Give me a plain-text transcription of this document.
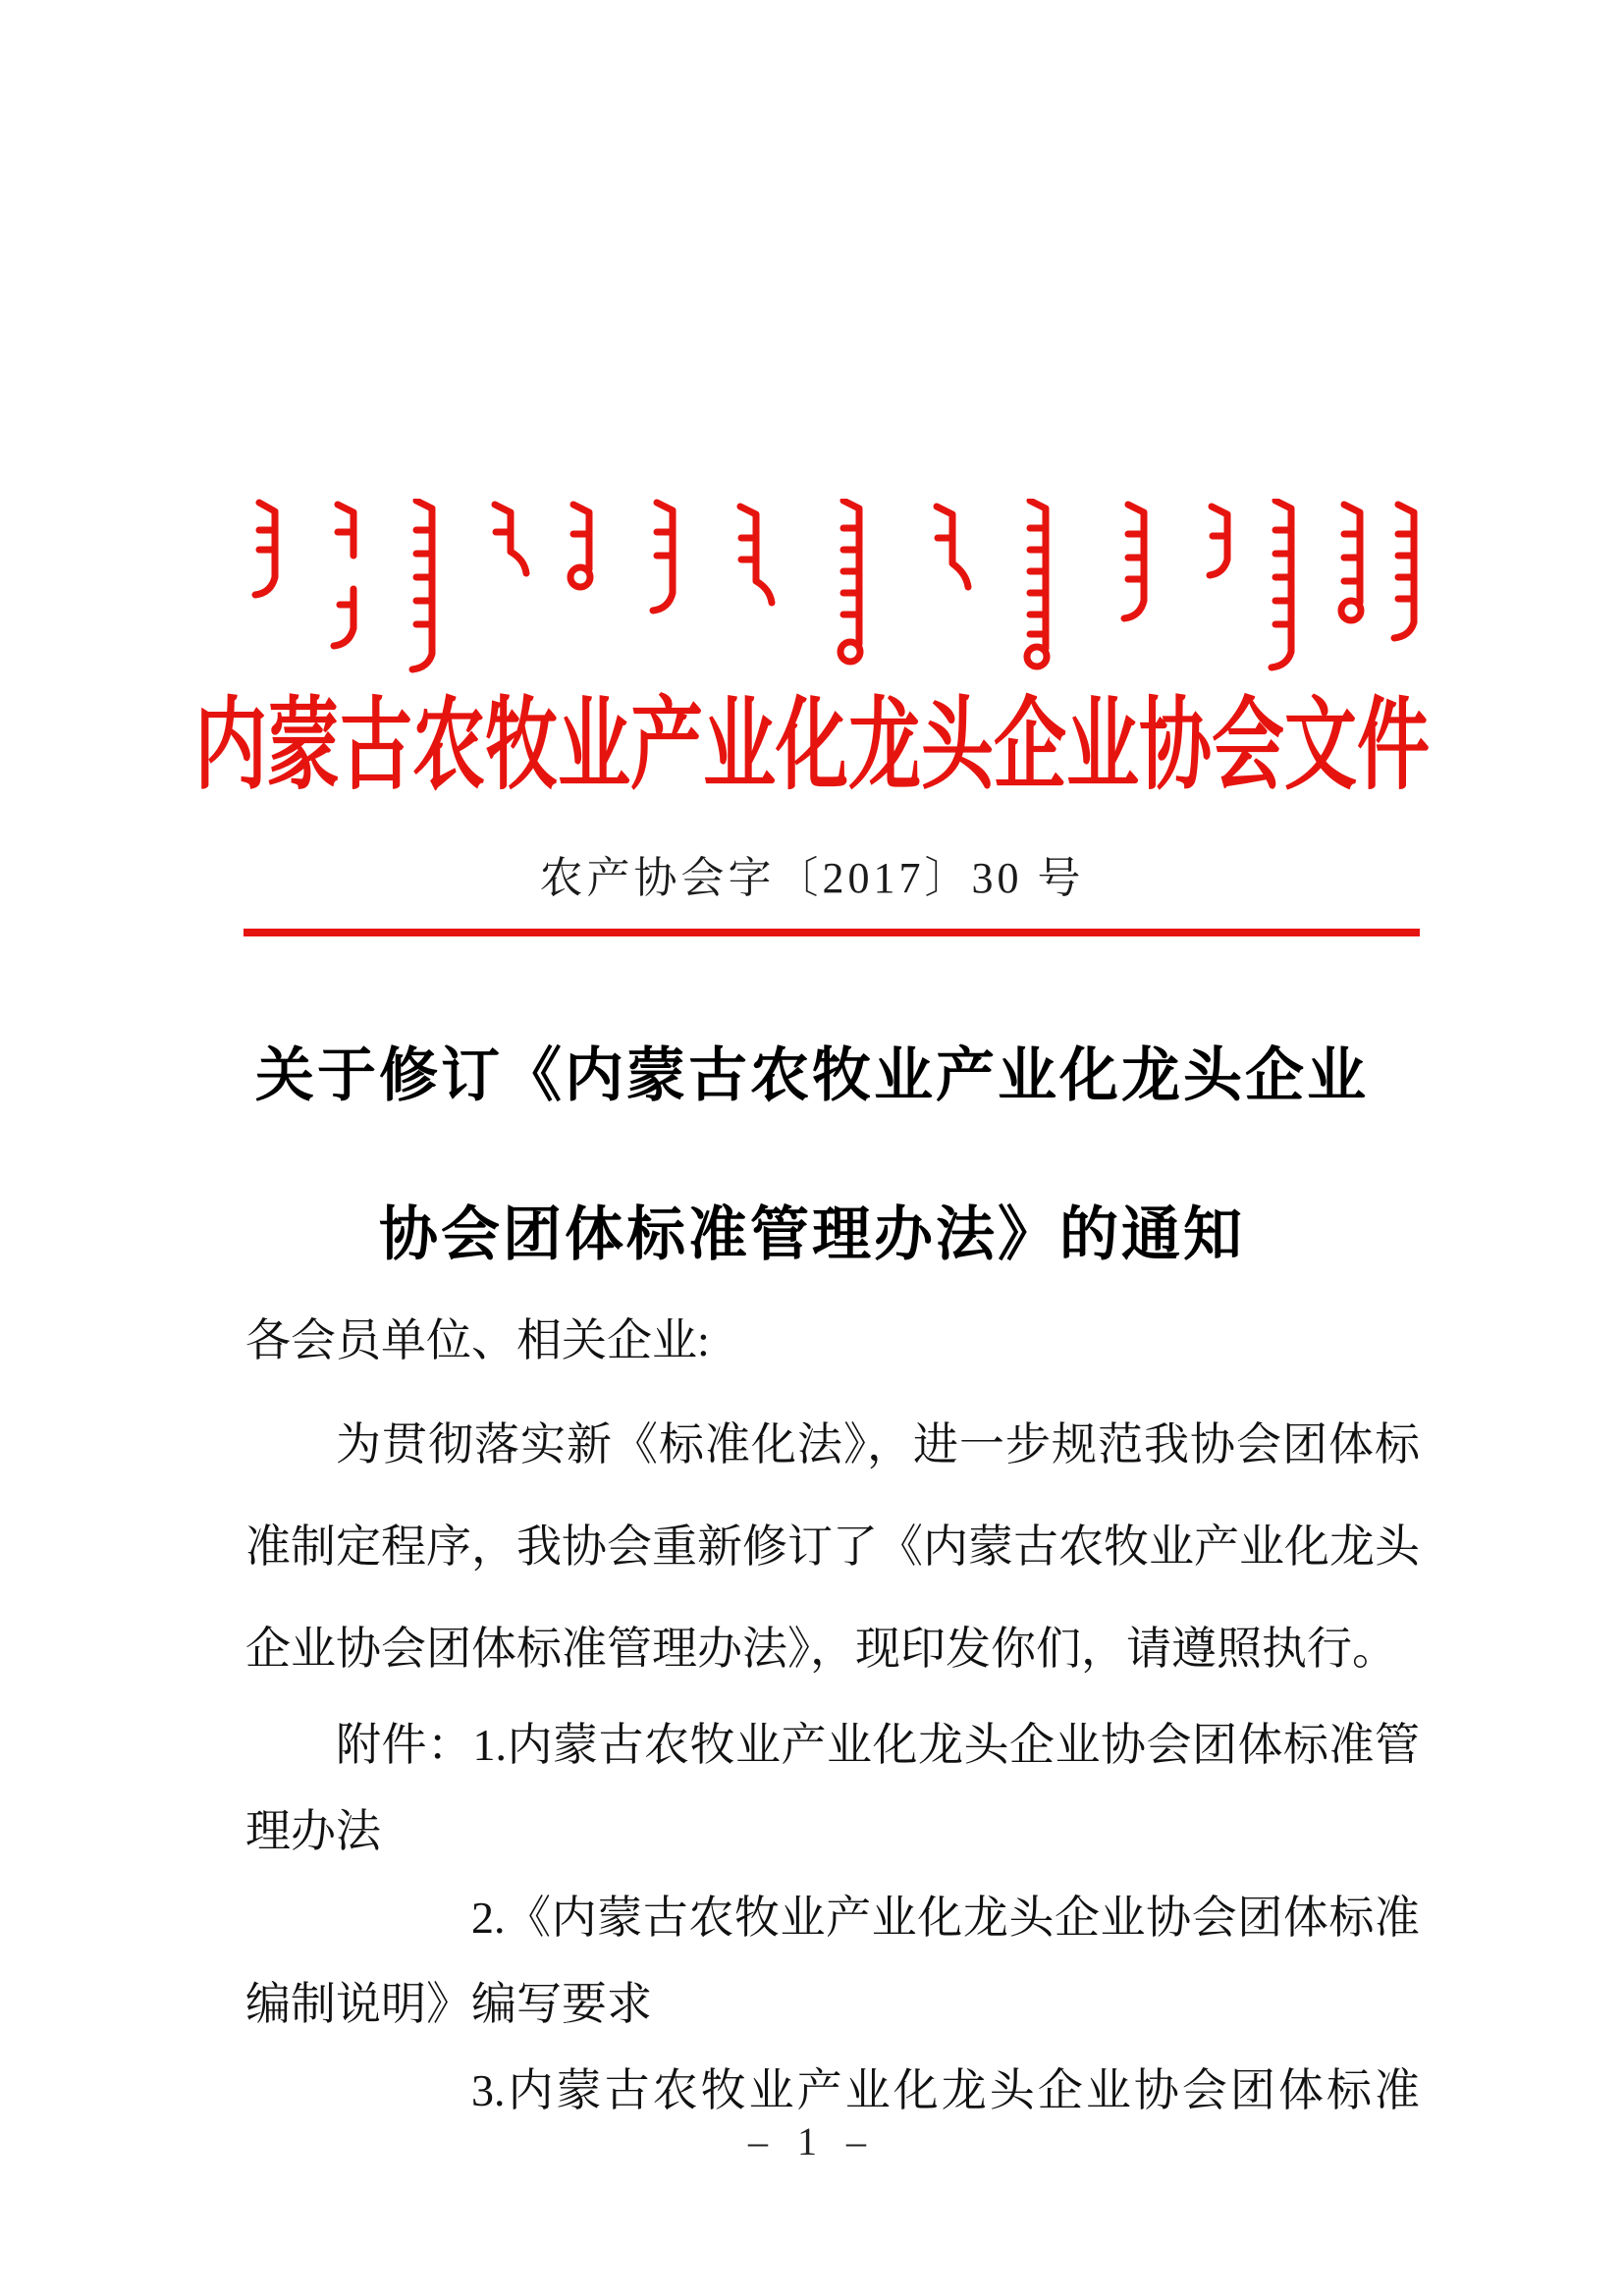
内蒙古农牧业产业化龙头企业协会文件
农产协会字〔2017〕30 号
关于修订《内蒙古农牧业产业化龙头企业
协会团体标准管理办法》的通知

各会员单位、相关企业:

为贯彻落实新《标准化法》，进一步规范我协会团体标

准制定程序，我协会重新修订了《内蒙古农牧业产业化龙头

企业协会团体标准管理办法》，现印发你们，请遵照执行。

附件：1.内蒙古农牧业产业化龙头企业协会团体标准管

理办法

2.《内蒙古农牧业产业化龙头企业协会团体标准

编制说明》编写要求

3.内蒙古农牧业产业化龙头企业协会团体标准

– 1 –
